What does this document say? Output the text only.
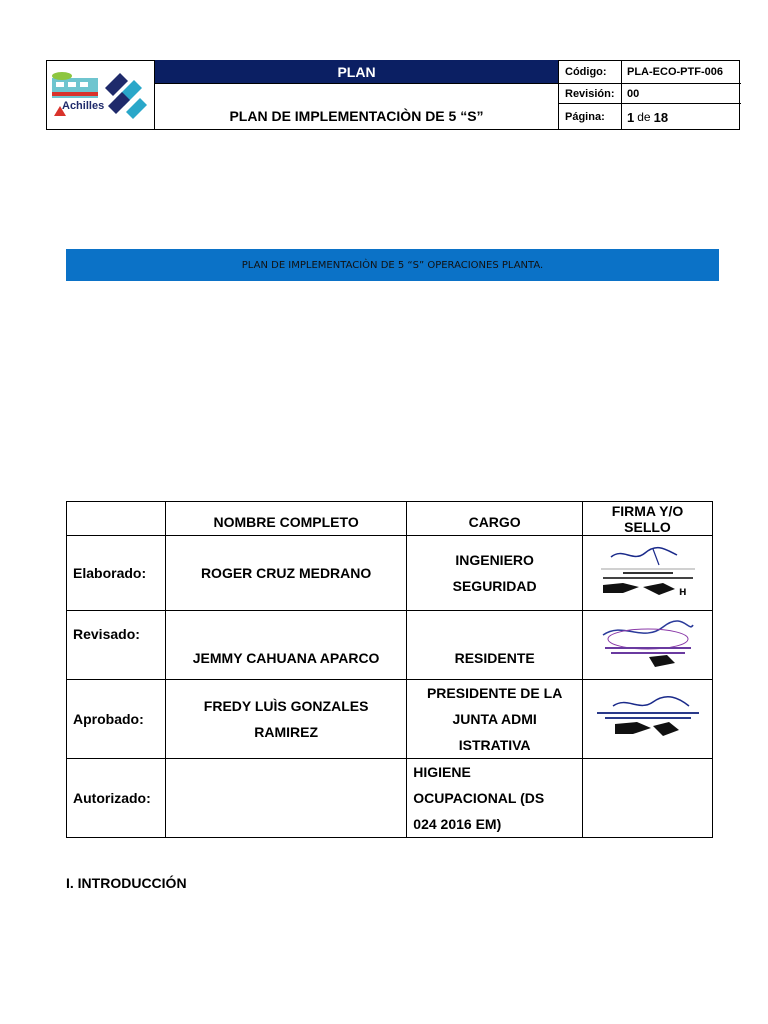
Achilles
PLAN
PLAN DE IMPLEMENTACIÒN DE 5 “S”
Código:	PLA-ECO-PTF-006
Revisión:	00
Página:	1 de 18
PLAN DE IMPLEMENTACIÒN DE 5 “S” OPERACIONES PLANTA.
	NOMBRE COMPLETO	CARGO	FIRMA Y/O SELLO
Elaborado:	ROGER CRUZ MEDRANO	INGENIERO
SEGURIDAD	H

Revisado:	JEMMY CAHUANA APARCO	RESIDENTE

Aprobado:	FREDY LUÌS GONZALES RAMIREZ	PRESIDENTE DE LA
JUNTA ADMI
ISTRATIVA

Autorizado:		HIGIENE
OCUPACIONAL (DS
024 2016 EM)	

I. INTRODUCCIÓN
